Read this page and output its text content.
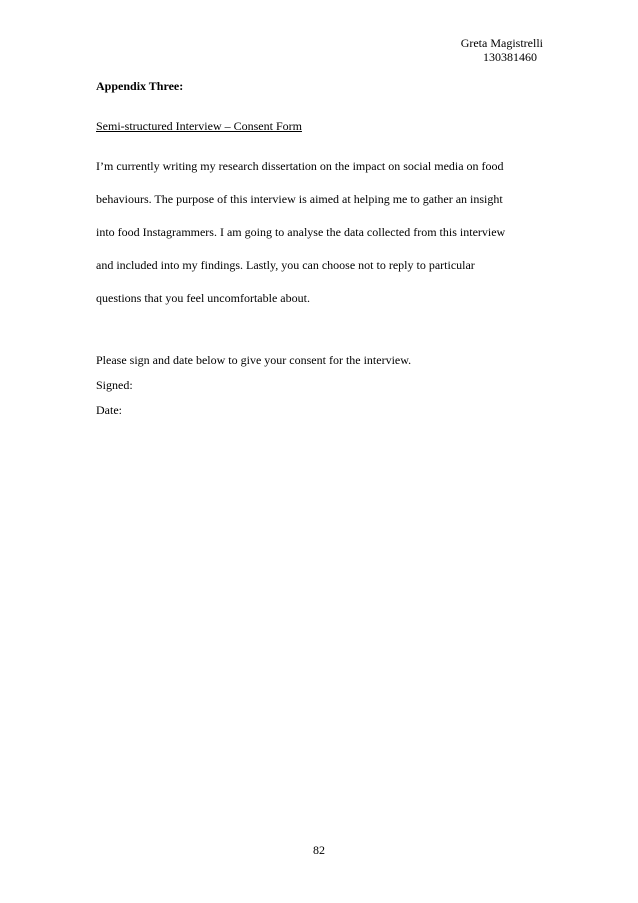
Greta Magistrelli
130381460

Appendix Three:

Semi-structured Interview – Consent Form

I’m currently writing my research dissertation on the impact on social media on food
behaviours. The purpose of this interview is aimed at helping me to gather an insight
into food Instagrammers. I am going to analyse the data collected from this interview
and included into my findings. Lastly, you can choose not to reply to particular
questions that you feel uncomfortable about.

Please sign and date below to give your consent for the interview.

Signed:

Date:

82
